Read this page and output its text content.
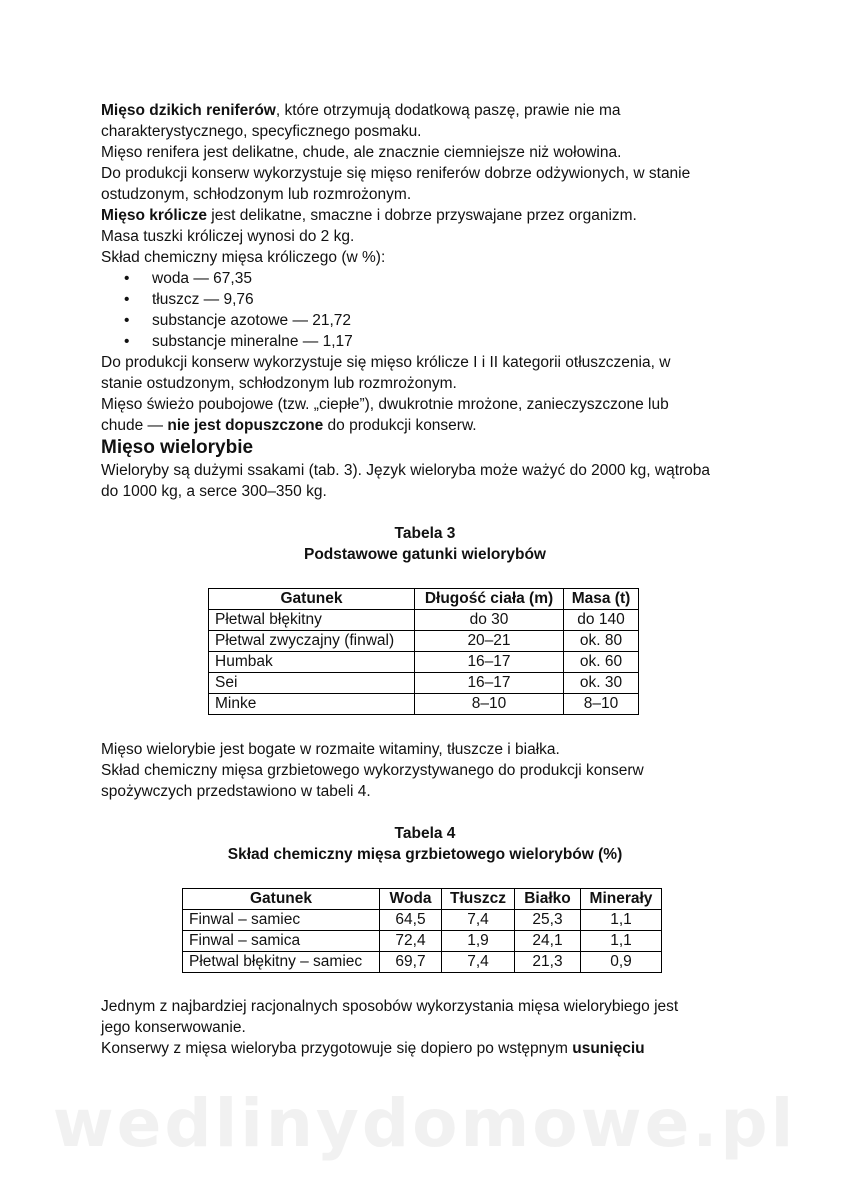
Mięso dzikich reniferów, które otrzymują dodatkową paszę, prawie nie ma

charakterystycznego, specyficznego posmaku.

Mięso renifera jest delikatne, chude, ale znacznie ciemniejsze niż wołowina.

Do produkcji konserw wykorzystuje się mięso reniferów dobrze odżywionych, w stanie

ostudzonym, schłodzonym lub rozmrożonym.

Mięso królicze jest delikatne, smaczne i dobrze przyswajane przez organizm.

Masa tuszki króliczej wynosi do 2 kg.

Skład chemiczny mięsa króliczego (w %):

• woda — 67,35
• tłuszcz — 9,76
• substancje azotowe — 21,72
• substancje mineralne — 1,17

Do produkcji konserw wykorzystuje się mięso królicze I i II kategorii otłuszczenia, w

stanie ostudzonym, schłodzonym lub rozmrożonym.

Mięso świeżo poubojowe (tzw. „ciepłe”), dwukrotnie mrożone, zanieczyszczone lub

chude — nie jest dopuszczone do produkcji konserw.

Mięso wielorybie

Wieloryby są dużymi ssakami (tab. 3). Język wieloryba może ważyć do 2000 kg, wątroba

do 1000 kg, a serce 300–350 kg.

Tabela 3

Podstawowe gatunki wielorybów

Gatunek	Długość ciała (m)	Masa (t)
Płetwal błękitny	do 30	do 140
Płetwal zwyczajny (finwal)	20–21	ok. 80
Humbak	16–17	ok. 60
Sei	16–17	ok. 30
Minke	8–10	8–10

Mięso wielorybie jest bogate w rozmaite witaminy, tłuszcze i białka.

Skład chemiczny mięsa grzbietowego wykorzystywanego do produkcji konserw

spożywczych przedstawiono w tabeli 4.

Tabela 4

Skład chemiczny mięsa grzbietowego wielorybów (%)

Gatunek	Woda	Tłuszcz	Białko	Minerały
Finwal – samiec	64,5	7,4	25,3	1,1
Finwal – samica	72,4	1,9	24,1	1,1
Płetwal błękitny – samiec	69,7	7,4	21,3	0,9

Jednym z najbardziej racjonalnych sposobów wykorzystania mięsa wielorybiego jest

jego konserwowanie.

Konserwy z mięsa wieloryba przygotowuje się dopiero po wstępnym usunięciu

wedlinydomowe.pl
